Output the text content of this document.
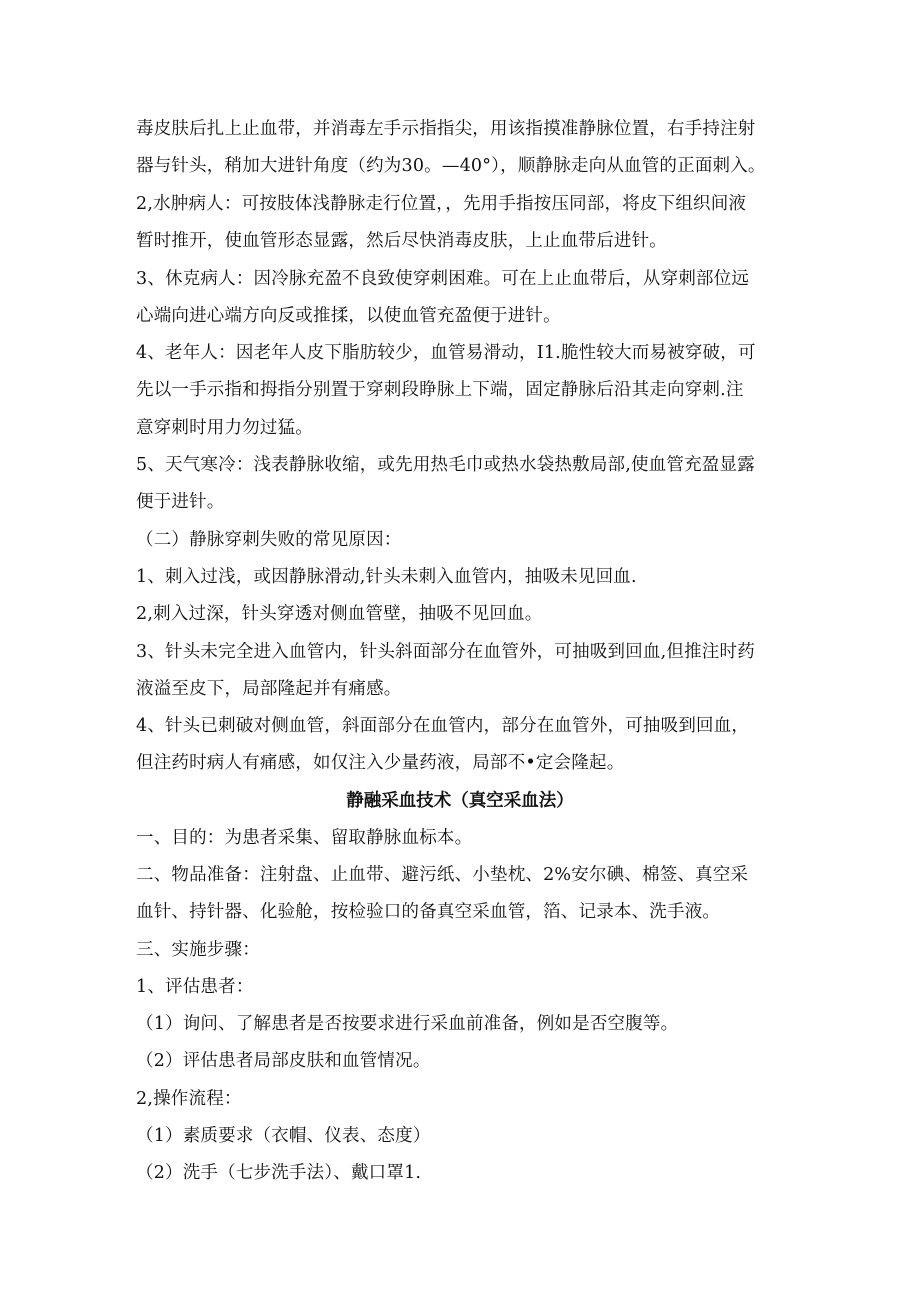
毒皮肤后扎上止血带，并消毒左手示指指尖，用该指摸准静脉位置，右手持注射
器与针头，稍加大进针角度（约为30。—40°），顺静脉走向从血管的正面刺入。
2,水肿病人：可按肢体浅静脉走行位置，，先用手指按压同部，将皮下组织间液
暂时推开，使血管形态显露，然后尽快消毒皮肤，上止血带后进针。
3、休克病人：因冷脉充盈不良致使穿刺困难。可在上止血带后，从穿刺部位远
心端向进心端方向反或推揉，以使血管充盈便于进针。
4、老年人：因老年人皮下脂肪较少，血管易滑动，I1.脆性较大而易被穿破，可
先以一手示指和拇指分别置于穿刺段睁脉上下端，固定静脉后沿其走向穿刺.注
意穿刺时用力勿过猛。
5、天气寒冷：浅表静脉收缩，或先用热毛巾或热水袋热敷局部,使血管充盈显露
便于进针。
（二）静脉穿刺失败的常见原因：
1、刺入过浅，或因静脉滑动,针头未刺入血管内，抽吸未见回血.
2,刺入过深，针头穿透对侧血管壁，抽吸不见回血。
3、针头未完全进入血管内，针头斜面部分在血管外，可抽吸到回血,但推注时药
液溢至皮下，局部隆起并有痛感。
4、针头已刺破对侧血管，斜面部分在血管内，部分在血管外，可抽吸到回血，
但注药时病人有痛感，如仅注入少量药液，局部不•定会隆起。
静融采血技术（真空采血法）
一、目的：为患者采集、留取静脉血标本。
二、物品准备：注射盘、止血带、避污纸、小垫枕、2%安尔碘、棉签、真空采
血针、持针器、化验舱，按检验口的备真空采血管，箔、记录本、洗手液。
三、实施步骤：
1、评估患者：
（1）询问、了解患者是否按要求进行采血前准备，例如是否空腹等。
（2）评估患者局部皮肤和血管情况。
2,操作流程：
（1）素质要求（衣帽、仪表、态度）
（2）洗手（七步洗手法）、戴口罩1.
